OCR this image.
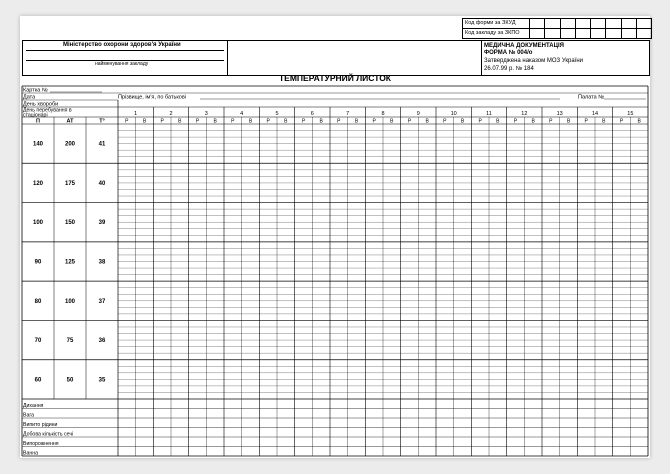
Код форми за ЗКУД
Код закладу за ЗКПО
Міністерство охорони здоров'я України
найменування закладу
МЕДИЧНА ДОКУМЕНТАЦІЯ
ФОРМА № 004/о
Затверджена наказом МОЗ України
26.07.99 р. № 184
ТЕМПЕРАТУРНИЙ ЛИСТОК
Картка №
Дата	Прізвище, ім'я, по батькові	Палата №
День хвороби
День перебування в стаціонарі
П	АТ	Т°
1
Р	В
2
Р	В
3
Р	В
4
Р	В
5
Р	В
6
Р	В
7
Р	В
8
Р	В
9
Р	В
10
Р	В
11
Р	В
12
Р	В
13
Р	В
14
Р	В
15
Р	В
140	200	41
120	175	40
100	150	39
90	125	38
80	100	37
70	75	36
60	50	35
Дихання
Вага
Випито рідини
Добова кількість сечі
Випорожнення
Ванна
